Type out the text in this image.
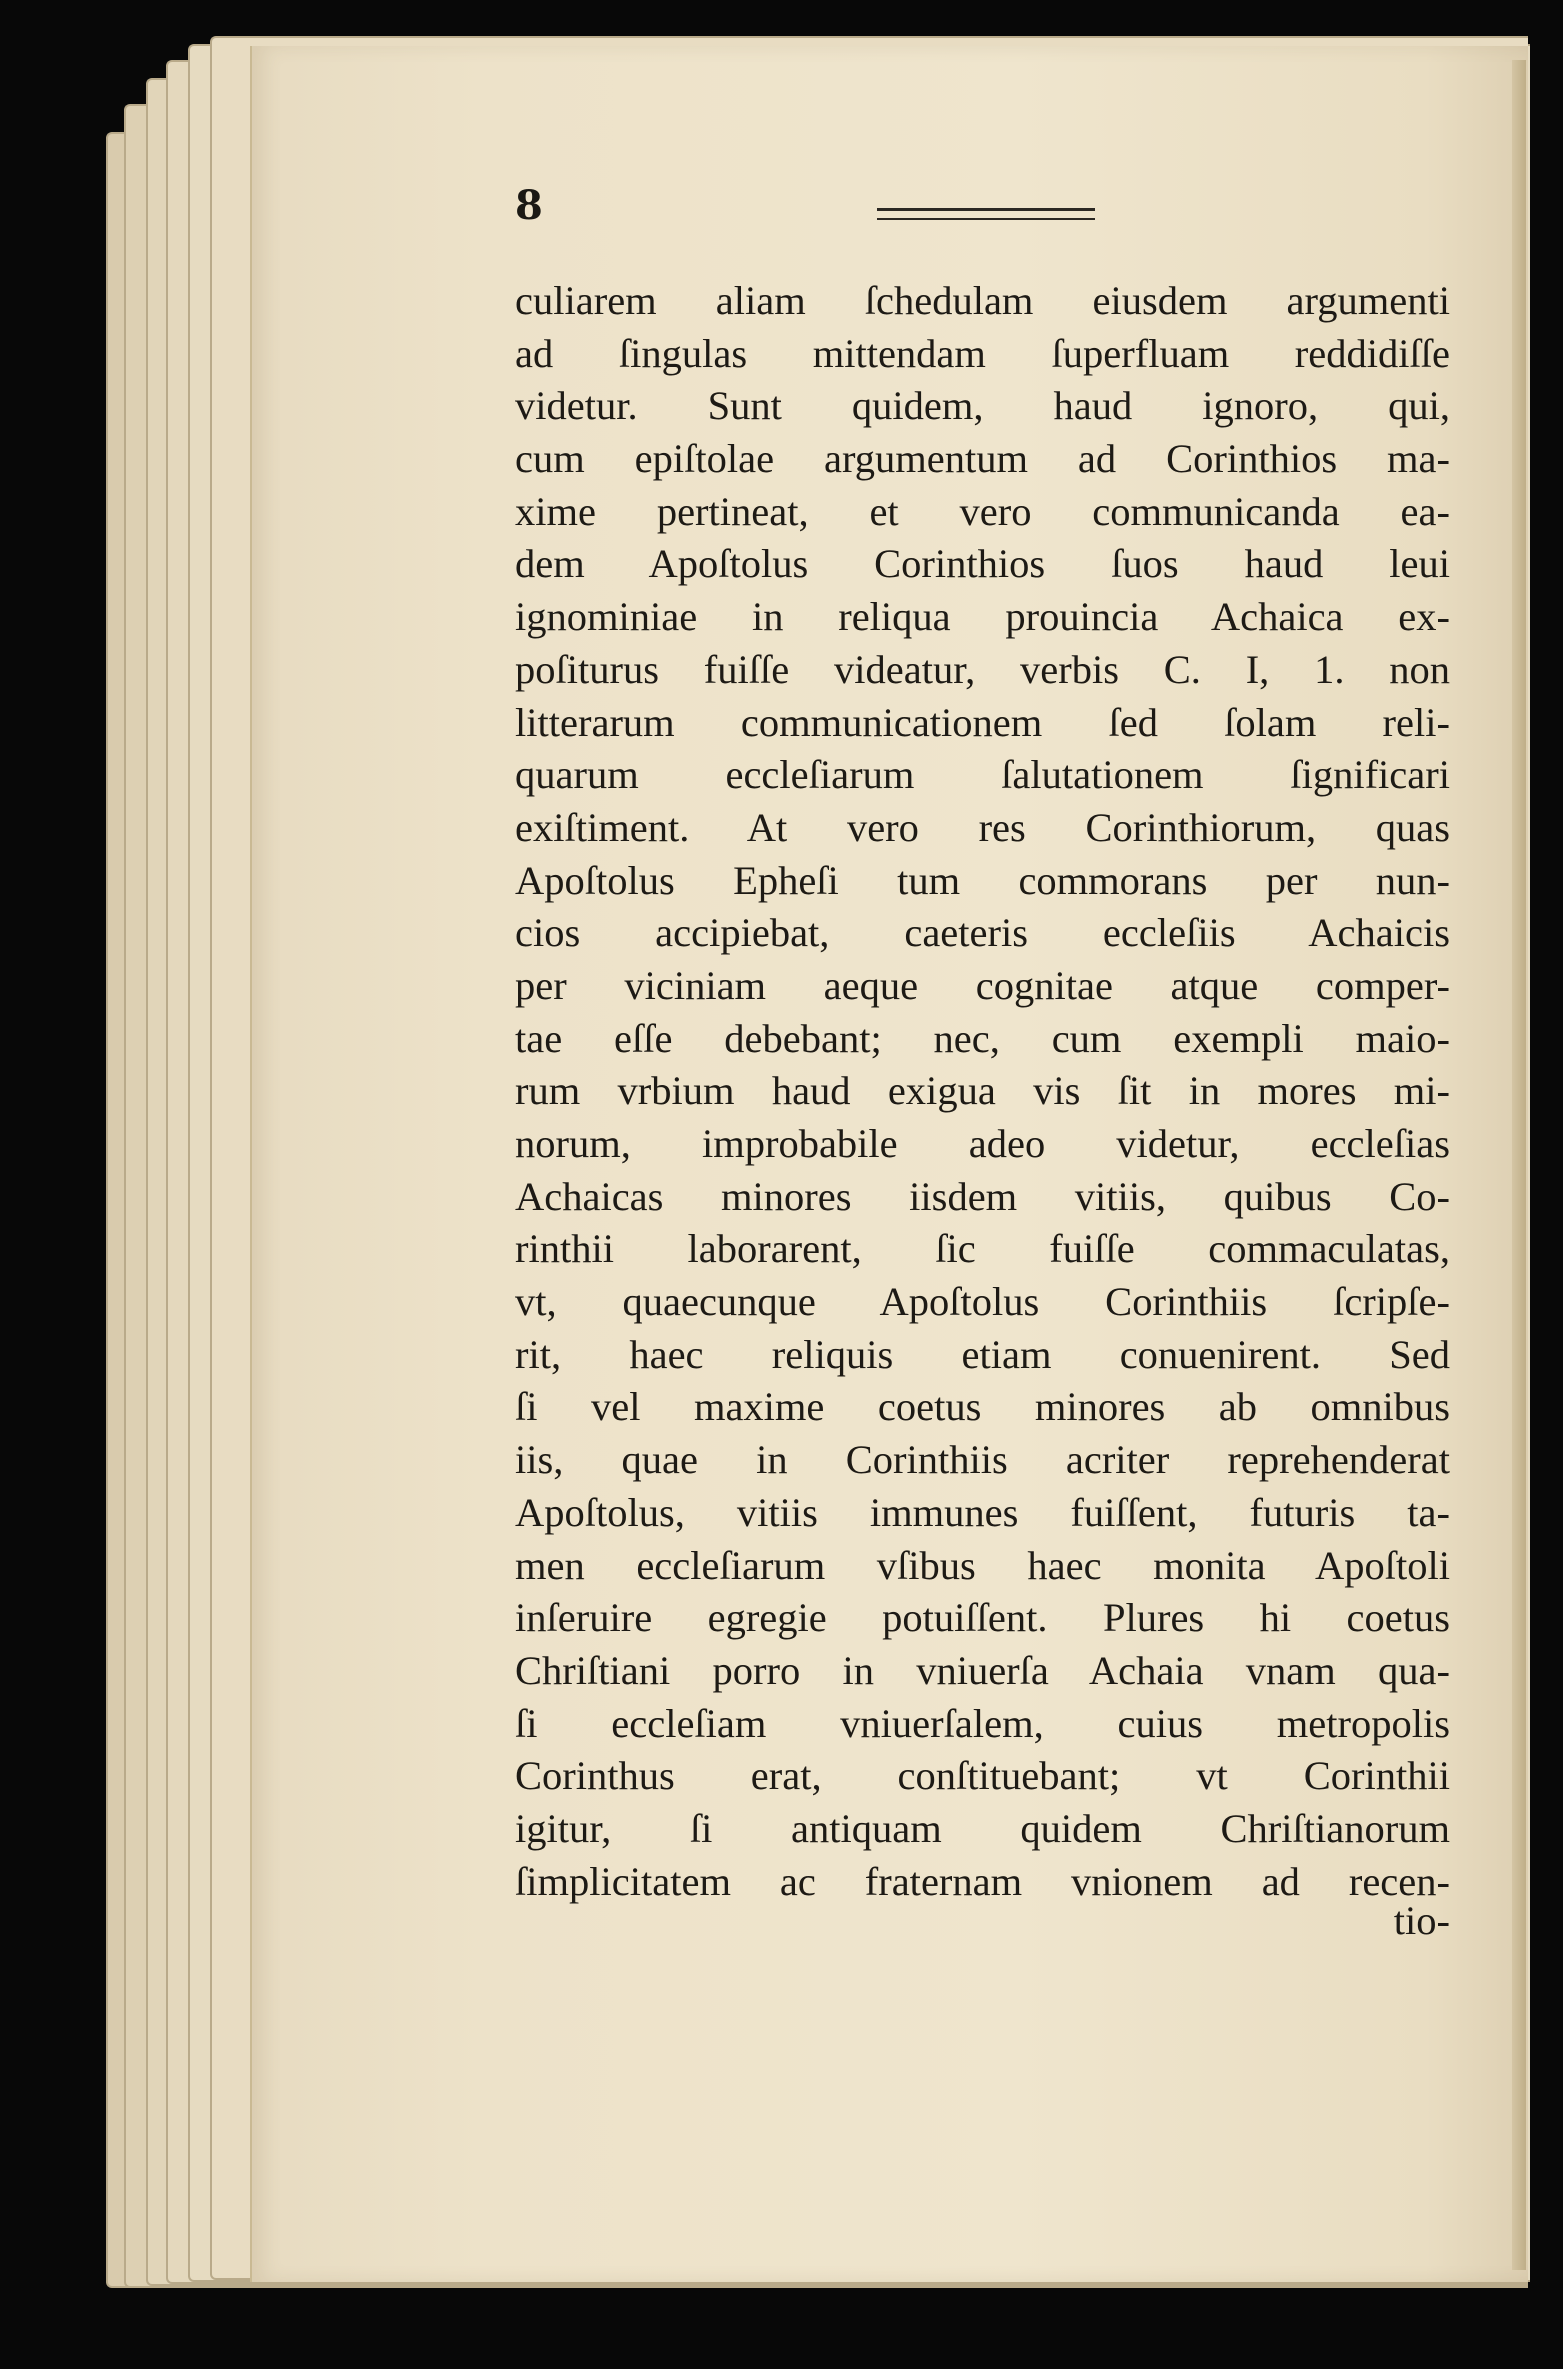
8
culiarem aliam ſchedulam eiusdem argumenti
ad ſingulas mittendam ſuperfluam reddidiſſe
videtur. Sunt quidem, haud ignoro, qui,
cum epiſtolae argumentum ad Corinthios ma-
xime pertineat, et vero communicanda ea-
dem Apoſtolus Corinthios ſuos haud leui
ignominiae in reliqua prouincia Achaica ex-
poſiturus fuiſſe videatur, verbis C. I, 1. non
litterarum communicationem ſed ſolam reli-
quarum eccleſiarum ſalutationem ſignificari
exiſtiment. At vero res Corinthiorum, quas
Apoſtolus Epheſi tum commorans per nun-
cios accipiebat, caeteris eccleſiis Achaicis
per viciniam aeque cognitae atque comper-
tae eſſe debebant; nec, cum exempli maio-
rum vrbium haud exigua vis ſit in mores mi-
norum, improbabile adeo videtur, eccleſias
Achaicas minores iisdem vitiis, quibus Co-
rinthii laborarent, ſic fuiſſe commaculatas,
vt, quaecunque Apoſtolus Corinthiis ſcripſe-
rit, haec reliquis etiam conuenirent. Sed
ſi vel maxime coetus minores ab omnibus
iis, quae in Corinthiis acriter reprehenderat
Apoſtolus, vitiis immunes fuiſſent, futuris ta-
men eccleſiarum vſibus haec monita Apoſtoli
inſeruire egregie potuiſſent. Plures hi coetus
Chriſtiani porro in vniuerſa Achaia vnam qua-
ſi eccleſiam vniuerſalem, cuius metropolis
Corinthus erat, conſtituebant; vt Corinthii
igitur, ſi antiquam quidem Chriſtianorum
ſimplicitatem ac fraternam vnionem ad recen-
tio-
